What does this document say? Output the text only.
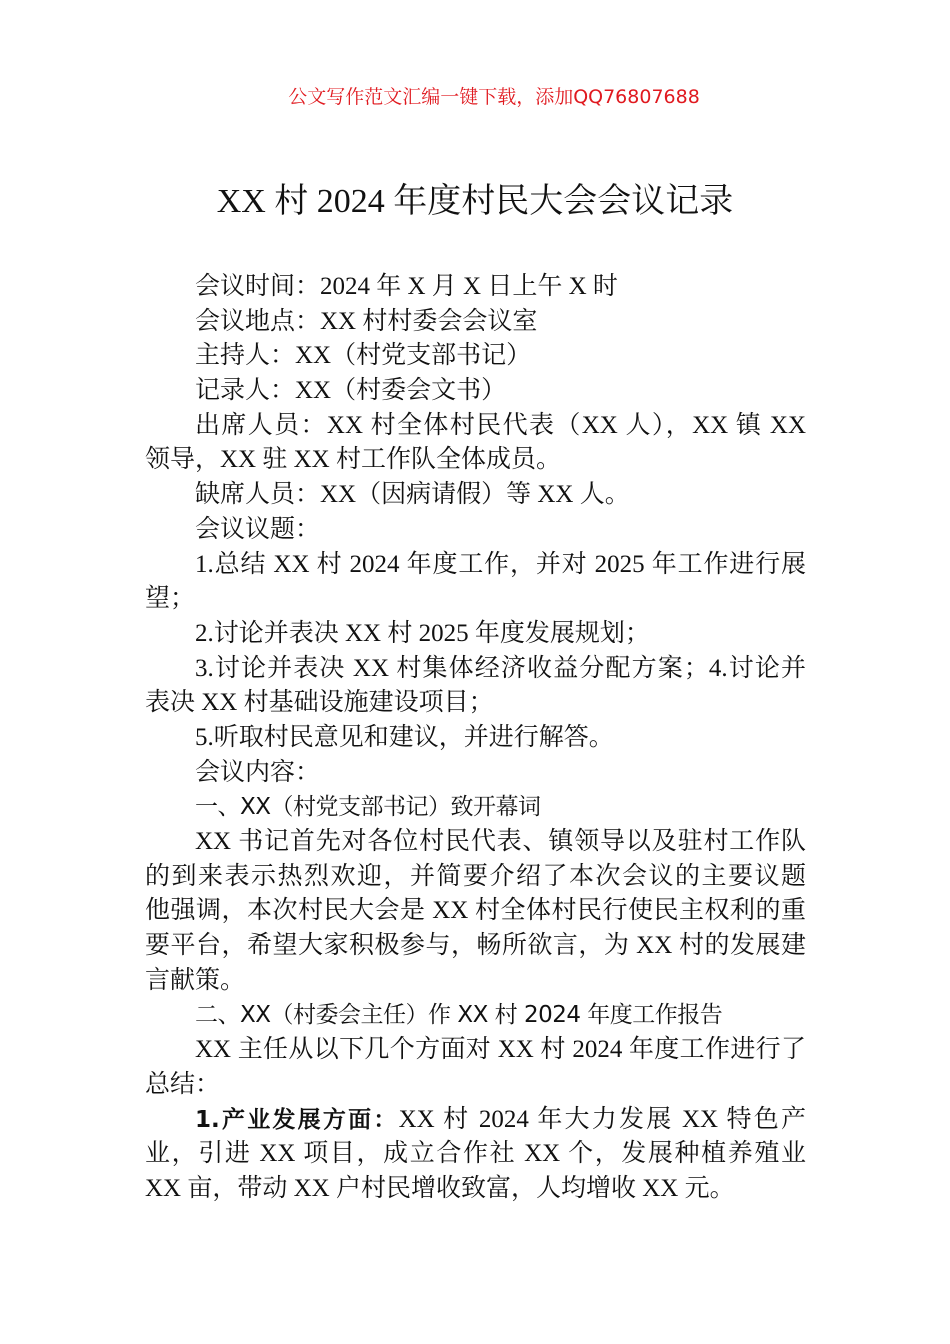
公文写作范文汇编一键下载，添加QQ76807688
XX 村 2024 年度村民大会会议记录
会议时间：2024 年 X 月 X 日上午 X 时
会议地点：XX 村村委会会议室
主持人：XX（村党支部书记）
记录人：XX（村委会文书）
出席人员：XX 村全体村民代表（XX 人），XX 镇 XX
领导，XX 驻 XX 村工作队全体成员。
缺席人员：XX（因病请假）等 XX 人。
会议议题：
1.总结 XX 村 2024 年度工作，并对 2025 年工作进行展
望；
2.讨论并表决 XX 村 2025 年度发展规划；
3.讨论并表决 XX 村集体经济收益分配方案；4.讨论并
表决 XX 村基础设施建设项目；
5.听取村民意见和建议，并进行解答。
会议内容：
一、XX（村党支部书记）致开幕词
XX 书记首先对各位村民代表、镇领导以及驻村工作队
的到来表示热烈欢迎，并简要介绍了本次会议的主要议题
他强调，本次村民大会是 XX 村全体村民行使民主权利的重
要平台，希望大家积极参与，畅所欲言，为 XX 村的发展建
言献策。
二、XX（村委会主任）作 XX 村 2024 年度工作报告
XX 主任从以下几个方面对 XX 村 2024 年度工作进行了
总结：
1.产业发展方面：XX 村 2024 年大力发展 XX 特色产
业，引进 XX 项目，成立合作社 XX 个，发展种植养殖业
XX 亩，带动 XX 户村民增收致富，人均增收 XX 元。
